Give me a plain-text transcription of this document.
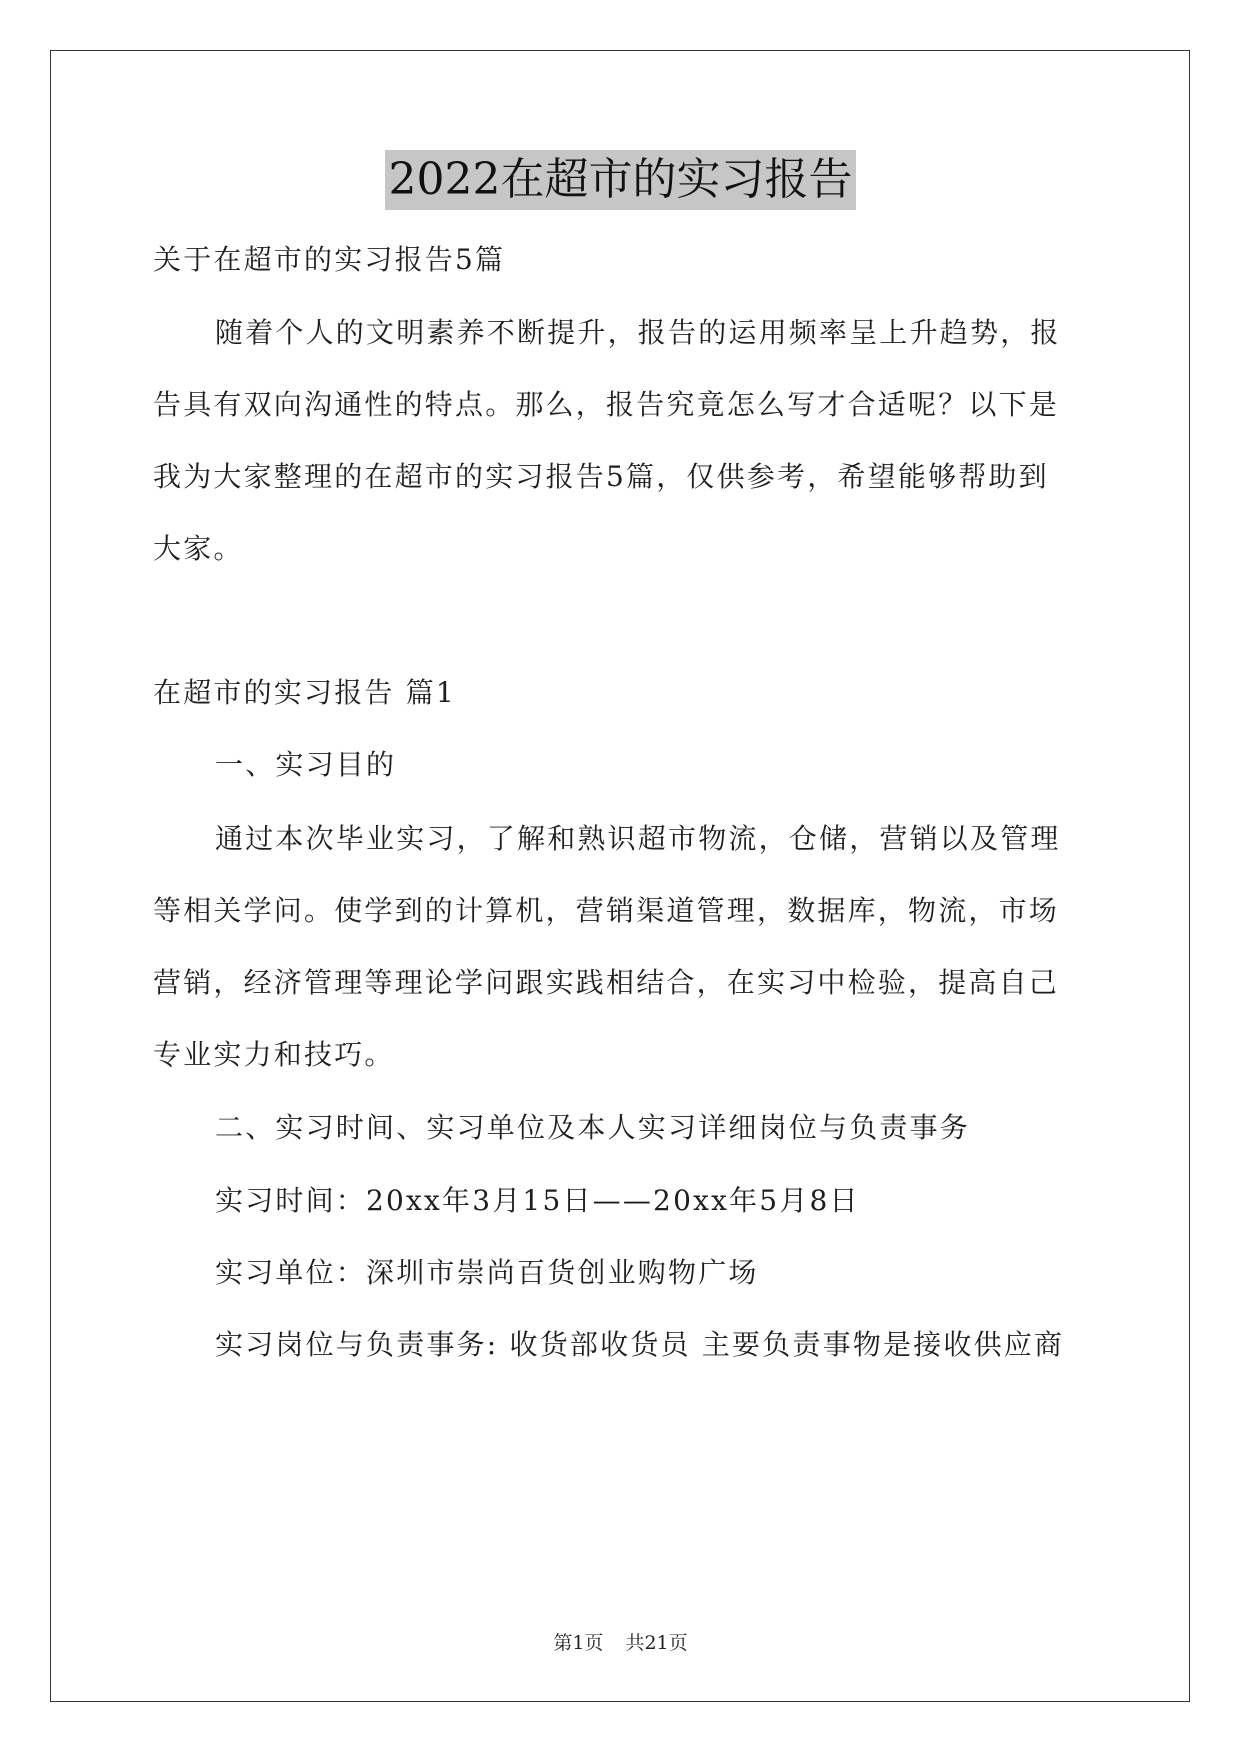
2022在超市的实习报告
关于在超市的实习报告5篇
随着个人的文明素养不断提升，报告的运用频率呈上升趋势，报
告具有双向沟通性的特点。那么，报告究竟怎么写才合适呢？以下是
我为大家整理的在超市的实习报告5篇，仅供参考，希望能够帮助到
大家。
在超市的实习报告 篇1
一、实习目的
通过本次毕业实习，了解和熟识超市物流，仓储，营销以及管理
等相关学问。使学到的计算机，营销渠道管理，数据库，物流，市场
营销，经济管理等理论学问跟实践相结合，在实习中检验，提高自己
专业实力和技巧。
二、实习时间、实习单位及本人实习详细岗位与负责事务
实习时间：20xx年3月15日——20xx年5月8日
实习单位：深圳市崇尚百货创业购物广场
实习岗位与负责事务: 收货部收货员 主要负责事物是接收供应商
第1页 共21页
